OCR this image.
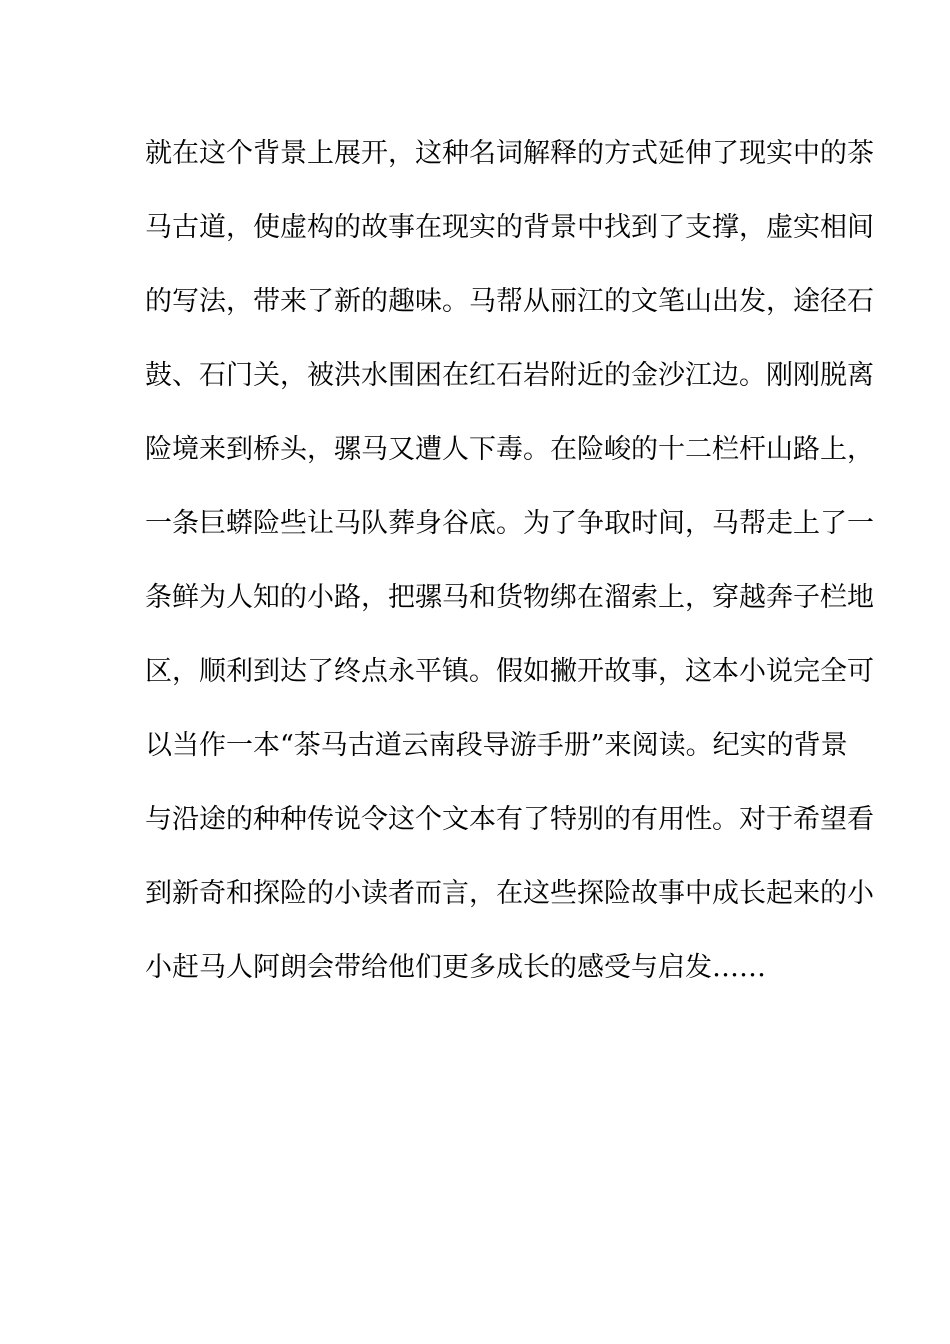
就在这个背景上展开，这种名词解释的方式延伸了现实中的茶
马古道，使虚构的故事在现实的背景中找到了支撑，虚实相间
的写法，带来了新的趣味。马帮从丽江的文笔山出发，途径石
鼓、石门关，被洪水围困在红石岩附近的金沙江边。刚刚脱离
险境来到桥头，骡马又遭人下毒。在险峻的十二栏杆山路上，
一条巨蟒险些让马队葬身谷底。为了争取时间，马帮走上了一
条鲜为人知的小路，把骡马和货物绑在溜索上，穿越奔子栏地
区，顺利到达了终点永平镇。假如撇开故事，这本小说完全可
以当作一本“茶马古道云南段导游手册”来阅读。纪实的背景
与沿途的种种传说令这个文本有了特别的有用性。对于希望看
到新奇和探险的小读者而言，在这些探险故事中成长起来的小
小赶马人阿朗会带给他们更多成长的感受与启发……
